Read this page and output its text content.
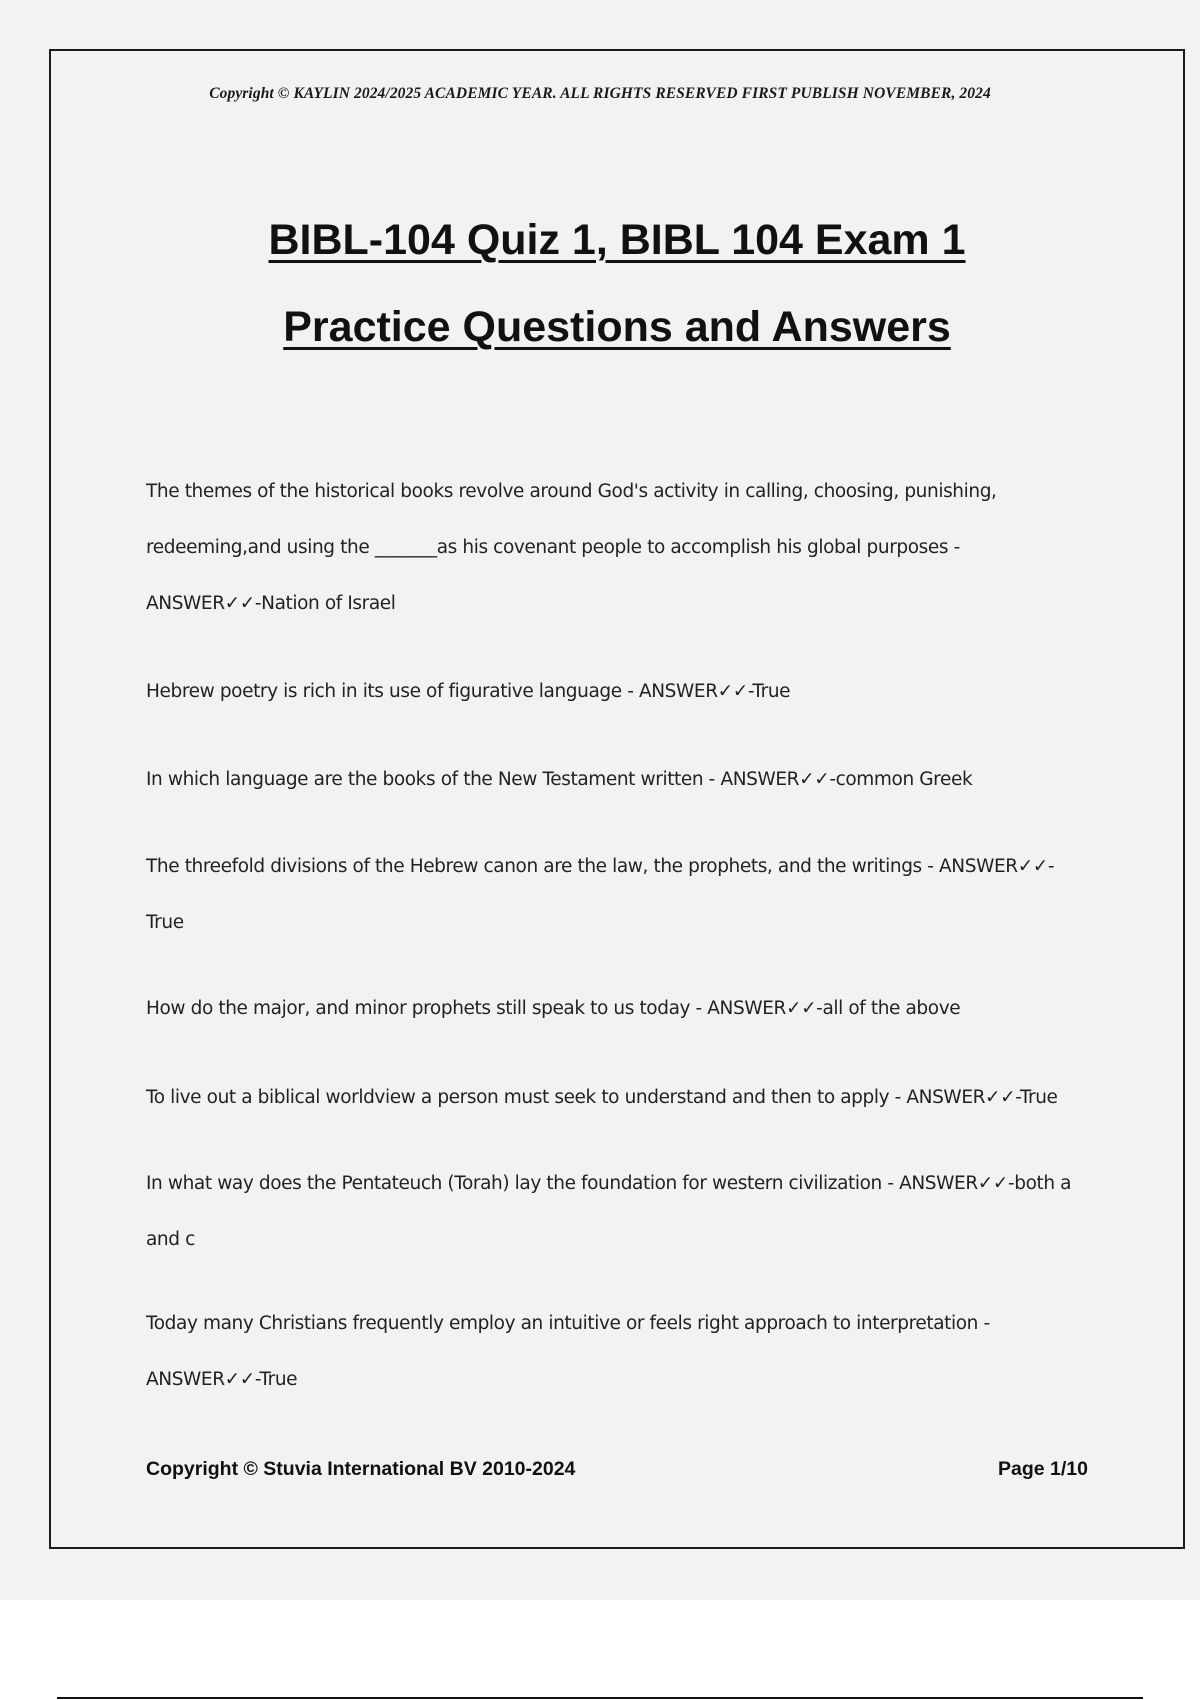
Copyright © KAYLIN 2024/2025 ACADEMIC YEAR. ALL RIGHTS RESERVED FIRST PUBLISH NOVEMBER, 2024
BIBL-104 Quiz 1, BIBL 104 Exam 1
Practice Questions and Answers
The themes of the historical books revolve around God's activity in calling, choosing, punishing,
redeeming,and using the _______as his covenant people to accomplish his global purposes -
ANSWER✓✓-Nation of Israel
Hebrew poetry is rich in its use of figurative language - ANSWER✓✓-True
In which language are the books of the New Testament written - ANSWER✓✓-common Greek
The threefold divisions of the Hebrew canon are the law, the prophets, and the writings - ANSWER✓✓-
True
How do the major, and minor prophets still speak to us today - ANSWER✓✓-all of the above
To live out a biblical worldview a person must seek to understand and then to apply - ANSWER✓✓-True
In what way does the Pentateuch (Torah) lay the foundation for western civilization - ANSWER✓✓-both a
and c
Today many Christians frequently employ an intuitive or feels right approach to interpretation -
ANSWER✓✓-True
Copyright © Stuvia International BV 2010-2024	Page 1/10
